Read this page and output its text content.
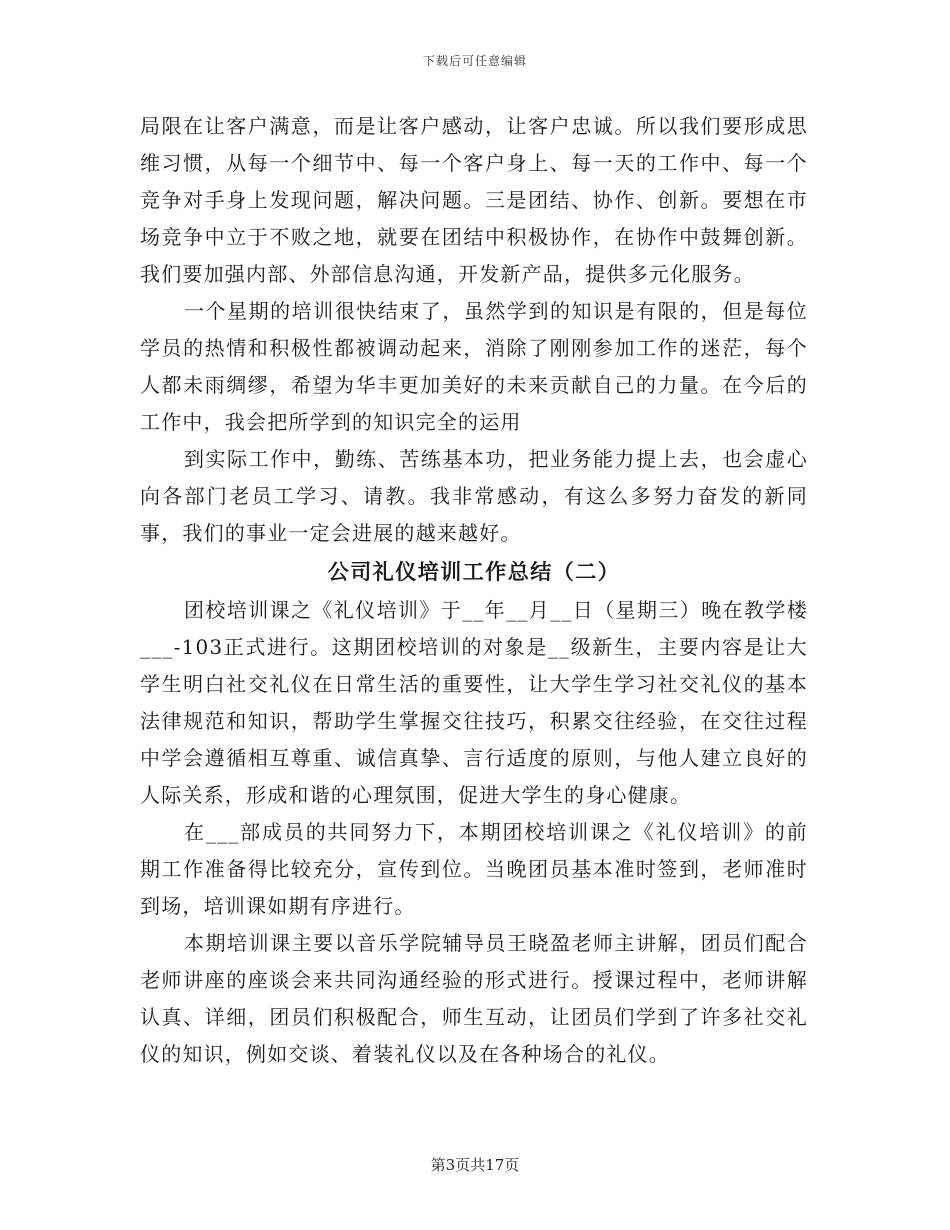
下载后可任意编辑

局限在让客户满意，而是让客户感动，让客户忠诚。所以我们要形成思维习惯，从每一个细节中、每一个客户身上、每一天的工作中、每一个竞争对手身上发现问题，解决问题。三是团结、协作、创新。要想在市场竞争中立于不败之地，就要在团结中积极协作，在协作中鼓舞创新。我们要加强内部、外部信息沟通，开发新产品，提供多元化服务。

一个星期的培训很快结束了，虽然学到的知识是有限的，但是每位学员的热情和积极性都被调动起来，消除了刚刚参加工作的迷茫，每个人都未雨绸缪，希望为华丰更加美好的未来贡献自己的力量。在今后的工作中，我会把所学到的知识完全的运用

到实际工作中，勤练、苦练基本功，把业务能力提上去，也会虚心向各部门老员工学习、请教。我非常感动，有这么多努力奋发的新同事，我们的事业一定会进展的越来越好。

公司礼仪培训工作总结（二）

团校培训课之《礼仪培训》于__年__月__日（星期三）晚在教学楼___-103正式进行。这期团校培训的对象是__级新生，主要内容是让大学生明白社交礼仪在日常生活的重要性，让大学生学习社交礼仪的基本法律规范和知识，帮助学生掌握交往技巧，积累交往经验，在交往过程中学会遵循相互尊重、诚信真挚、言行适度的原则，与他人建立良好的人际关系，形成和谐的心理氛围，促进大学生的身心健康。

在___部成员的共同努力下，本期团校培训课之《礼仪培训》的前期工作准备得比较充分，宣传到位。当晚团员基本准时签到，老师准时到场，培训课如期有序进行。

本期培训课主要以音乐学院辅导员王晓盈老师主讲解，团员们配合老师讲座的座谈会来共同沟通经验的形式进行。授课过程中，老师讲解认真、详细，团员们积极配合，师生互动，让团员们学到了许多社交礼仪的知识，例如交谈、着装礼仪以及在各种场合的礼仪。

第3页共17页
